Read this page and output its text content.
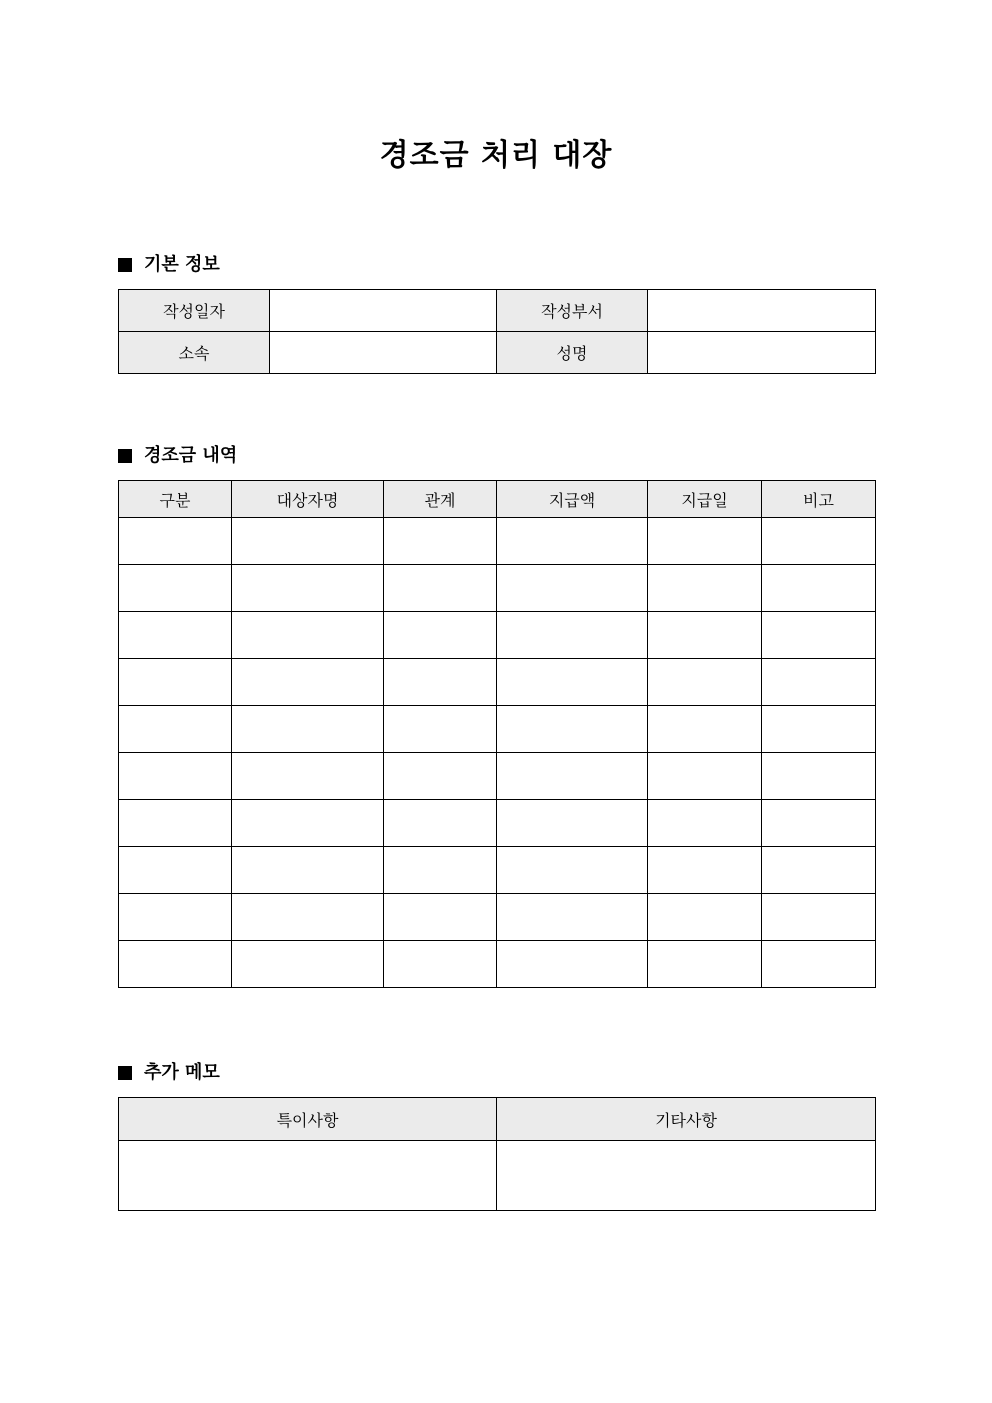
경조금 처리 대장
기본 정보
작성일자		작성부서	
소속		성명	
경조금 내역
구분	대상자명	관계	지급액	지급일	비고

추가 메모
특이사항	기타사항
